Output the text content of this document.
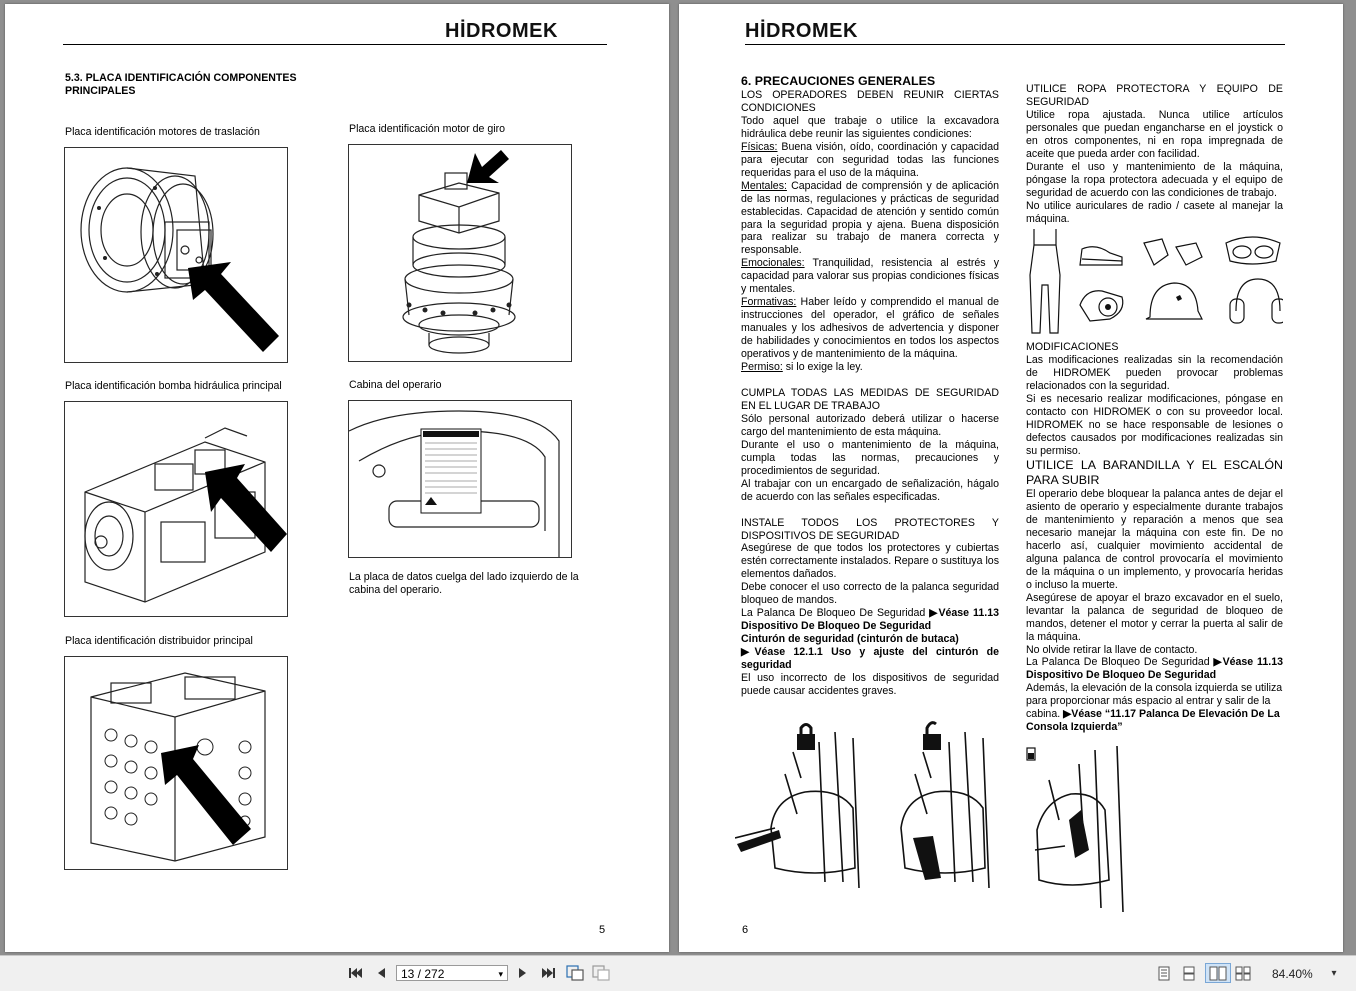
HİDROMEK
5.3. PLACA IDENTIFICACIÓN COMPONENTES PRINCIPALES
Placa identificación motores de traslación	Placa identificación motor de giro
Placa identificación bomba hidráulica principal	Cabina del operario
La placa de datos cuelga del lado izquierdo de la cabina del operario.
Placa identificación distribuidor principal
5
HİDROMEK

6. PRECAUCIONES GENERALES

LOS OPERADORES DEBEN REUNIR CIERTAS CONDICIONES

Todo aquel que trabaje o utilice la excavadora hidráulica debe reunir las siguientes condiciones:

Físicas: Buena visión, oído, coordinación y capacidad para ejecutar con seguridad todas las funciones requeridas para el uso de la máquina.

Mentales: Capacidad de comprensión y de aplicación de las normas, regulaciones y prácticas de seguridad establecidas. Capacidad de atención y sentido común para la seguridad propia y ajena. Buena disposición para realizar su trabajo de manera correcta y responsable.

Emocionales: Tranquilidad, resistencia al estrés y capacidad para valorar sus propias condiciones físicas y mentales.

Formativas: Haber leído y comprendido el manual de instrucciones del operador, el gráfico de señales manuales y los adhesivos de advertencia y disponer de habilidades y conocimientos en todos los aspectos operativos y de mantenimiento de la máquina.

Permiso: si lo exige la ley.

CUMPLA TODAS LAS MEDIDAS DE SEGURIDAD EN EL LUGAR DE TRABAJO

Sólo personal autorizado deberá utilizar o hacerse cargo del mantenimiento de esta máquina.

Durante el uso o mantenimiento de la máquina, cumpla todas las normas, precauciones y procedimientos de seguridad.

Al trabajar con un encargado de señalización, hágalo de acuerdo con las señales especificadas.

INSTALE TODOS LOS PROTECTORES Y DISPOSITIVOS DE SEGURIDAD

Asegúrese de que todos los protectores y cubiertas estén correctamente instalados. Repare o sustituya los elementos dañados.

Debe conocer el uso correcto de la palanca seguridad bloqueo de mandos.

La Palanca De Bloqueo De Seguridad ▶Véase 11.13 Dispositivo De Bloqueo De Seguridad

Cinturón de seguridad (cinturón de butaca)

▶Véase 12.1.1 Uso y ajuste del cinturón de seguridad

El uso incorrecto de los dispositivos de seguridad puede causar accidentes graves.

UTILICE ROPA PROTECTORA Y EQUIPO DE SEGURIDAD

Utilice ropa ajustada. Nunca utilice artículos personales que puedan engancharse en el joystick o en otros componentes, ni en ropa impregnada de aceite que pueda arder con facilidad.

Durante el uso y mantenimiento de la máquina, póngase la ropa protectora adecuada y el equipo de seguridad de acuerdo con las condiciones de trabajo.

No utilice auriculares de radio / casete al manejar la máquina.

MODIFICACIONES

Las modificaciones realizadas sin la recomendación de HIDROMEK pueden provocar problemas relacionados con la seguridad.

Si es necesario realizar modificaciones, póngase en contacto con HIDROMEK o con su proveedor local. HIDROMEK no se hace responsable de lesiones o defectos causados por modificaciones realizadas sin su permiso.

UTILICE LA BARANDILLA Y EL ESCALÓN PARA SUBIR

El operario debe bloquear la palanca antes de dejar el asiento de operario y especialmente durante trabajos de mantenimiento y reparación a menos que sea necesario manejar la máquina con este fin. De no hacerlo así, cualquier movimiento accidental de alguna palanca de control provocaría el movimiento de la máquina o un implemento, y provocaría heridas o incluso la muerte.

Asegúrese de apoyar el brazo excavador en el suelo, levantar la palanca de seguridad de bloqueo de mandos, detener el motor y cerrar la puerta al salir de la máquina.

No olvide retirar la llave de contacto.

La Palanca De Bloqueo De Seguridad ▶Véase 11.13 Dispositivo De Bloqueo De Seguridad

Además, la elevación de la consola izquierda se utiliza para proporcionar más espacio al entrar y salir de la cabina. ▶Véase “11.17 Palanca De Elevación De La Consola Izquierda”

6
13 / 272	▾	84.40% ▾
